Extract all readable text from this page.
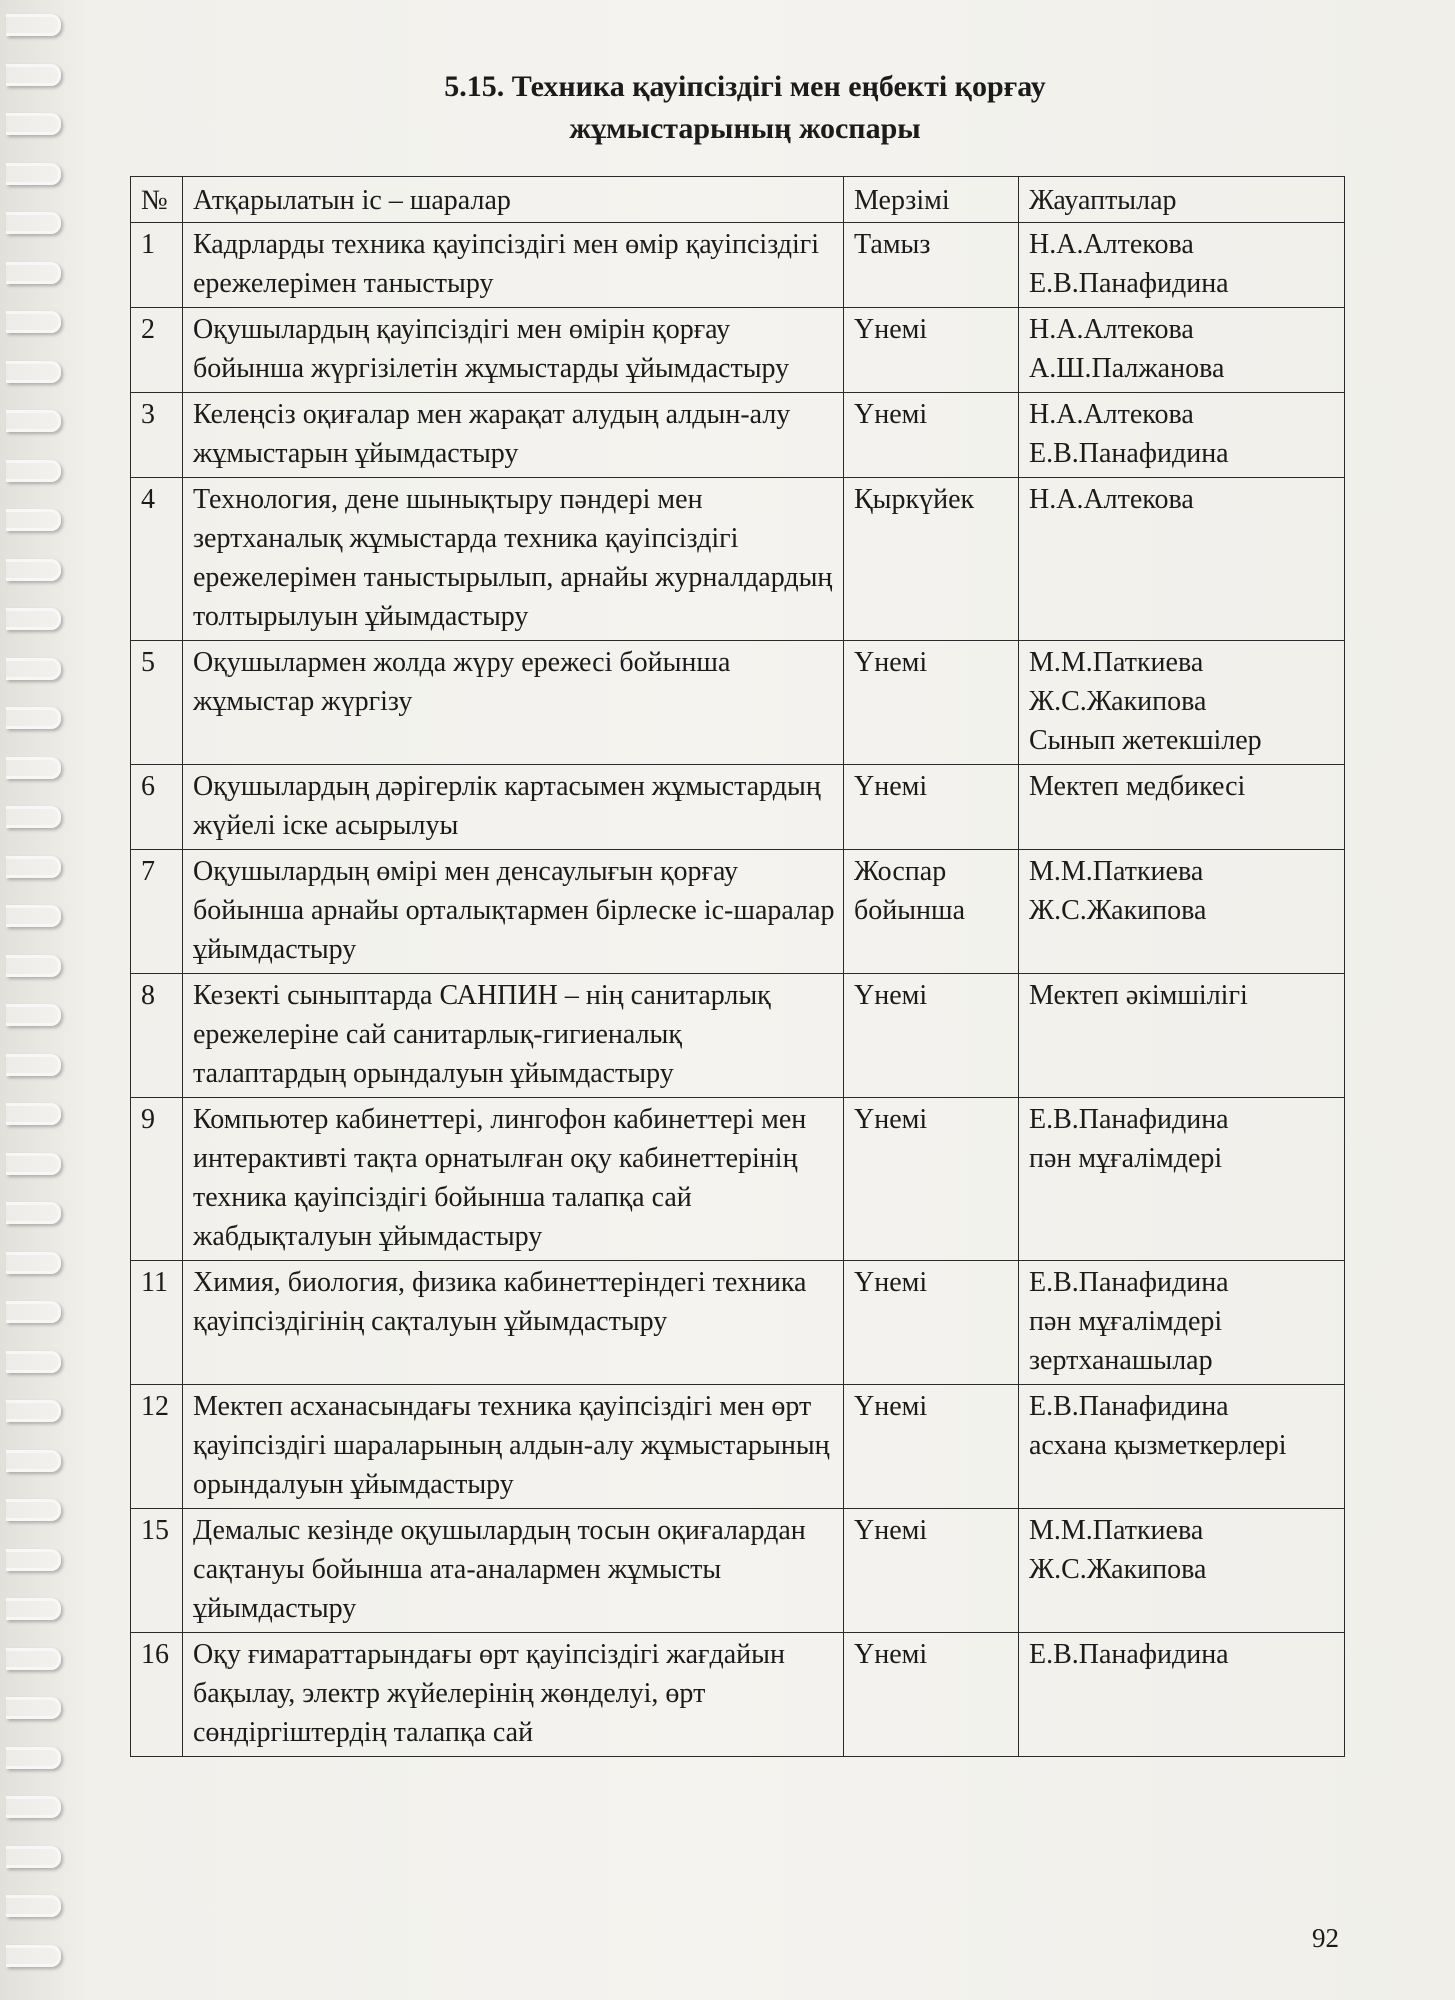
5.15. Техника қауіпсіздігі мен еңбекті қорғау
жұмыстарының жоспары
№	Атқарылатын іс – шаралар	Мерзімі	Жауаптылар
1	Кадрларды техника қауіпсіздігі мен өмір қауіпсіздігі ережелерімен таныстыру	Тамыз	Н.А.Алтекова
Е.В.Панафидина

2	Оқушылардың қауіпсіздігі мен өмірін қорғау бойынша жүргізілетін жұмыстарды ұйымдастыру	Үнемі	Н.А.Алтекова
А.Ш.Палжанова

3	Келеңсіз оқиғалар мен жарақат алудың алдын-алу жұмыстарын ұйымдастыру	Үнемі	Н.А.Алтекова
Е.В.Панафидина

4	Технология, дене шынықтыру пәндері мен зертханалық жұмыстарда техника қауіпсіздігі ережелерімен таныстырылып, арнайы журналдардың толтырылуын ұйымдастыру	Қыркүйек	Н.А.Алтекова

5	Оқушылармен жолда жүру ережесі бойынша жұмыстар жүргізу	Үнемі	М.М.Паткиева
Ж.С.Жакипова
Сынып жетекшілер

6	Оқушылардың дәрігерлік картасымен жұмыстардың жүйелі іске асырылуы	Үнемі	Мектеп медбикесі

7	Оқушылардың өмірі мен денсаулығын қорғау бойынша арнайы орталықтармен бірлескe іс-шаралар ұйымдастыру	Жоспар бойынша	М.М.Паткиева
Ж.С.Жакипова

8	Кезекті сыныптарда САНПИН – нің санитарлық ережелеріне сай санитарлық-гигиеналық талаптардың орындалуын ұйымдастыру	Үнемі	Мектеп әкімшілігі

9	Компьютер кабинеттері, лингофон кабинеттері мен интерактивті тақта орнатылған оқу кабинеттерінің техника қауіпсіздігі бойынша талапқа сай жабдықталуын ұйымдастыру	Үнемі	Е.В.Панафидина
пән мұғалімдері

11	Химия, биология, физика кабинеттеріндегі техника қауіпсіздігінің сақталуын ұйымдастыру	Үнемі	Е.В.Панафидина
пән мұғалімдері
зертханашылар

12	Мектеп асханасындағы техника қауіпсіздігі мен өрт қауіпсіздігі шараларының алдын-алу жұмыстарының орындалуын ұйымдастыру	Үнемі	Е.В.Панафидина
асхана қызметкерлері

15	Демалыс кезінде оқушылардың тосын оқиғалардан сақтануы бойынша ата-аналармен жұмысты ұйымдастыру	Үнемі	М.М.Паткиева
Ж.С.Жакипова

16	Оқу ғимараттарындағы өрт қауіпсіздігі жағдайын бақылау, электр жүйелерінің жөнделуі, өрт сөндіргіштердің талапқа сай	Үнемі	Е.В.Панафидина
92
